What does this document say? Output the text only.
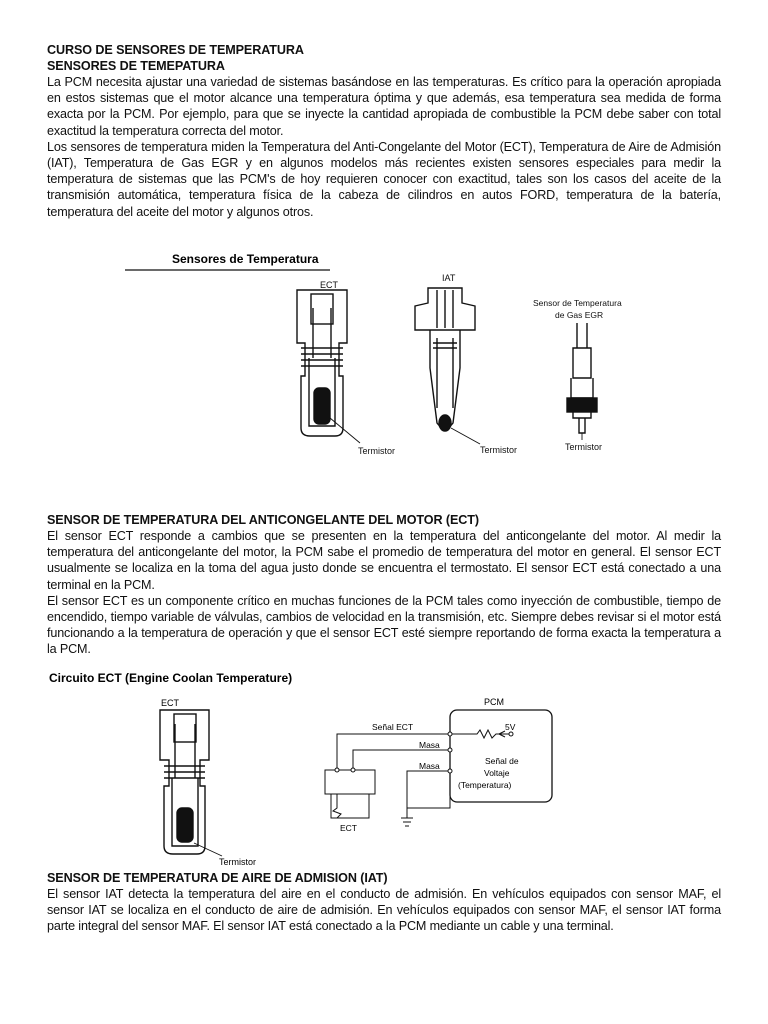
CURSO DE SENSORES DE TEMPERATURA

SENSORES DE TEMEPATURA

La PCM necesita ajustar una variedad de sistemas basándose en las temperaturas. Es crítico para la operación apropiada en estos sistemas que el motor alcance una temperatura óptima y que además, esa temperatura sea medida de forma exacta por la PCM. Por ejemplo, para que se inyecte la cantidad apropiada de combustible la PCM debe saber con total exactitud la temperatura correcta del motor.

Los sensores de temperatura miden la Temperatura del Anti-Congelante del Motor (ECT), Temperatura de Aire de Admisión (IAT), Temperatura de Gas EGR y en algunos modelos más recientes existen sensores especiales para medir la temperatura de sistemas que las PCM's de hoy requieren conocer con exactitud, tales son los casos del aceite de la transmisión automática, temperatura física de la cabeza de cilindros en autos FORD, temperatura de la batería, temperatura del aceite del motor y algunos otros.

Sensores de Temperatura
ECT
Termistor
IAT
Termistor
Sensor de Temperatura
de Gas EGR
Termistor

SENSOR DE TEMPERATURA DEL ANTICONGELANTE DEL MOTOR (ECT)

El sensor ECT responde a cambios que se presenten en la temperatura del anticongelante del motor. Al medir la temperatura del anticongelante del motor, la PCM sabe el promedio de temperatura del motor en general. El sensor ECT usualmente se localiza en la toma del agua justo donde se encuentra el termostato. El sensor ECT está conectado a una terminal en la PCM.

El sensor ECT es un componente crítico en muchas funciones de la PCM tales como inyección de combustible, tiempo de encendido, tiempo variable de válvulas, cambios de velocidad en la transmisión, etc. Siempre debes revisar si el motor está funcionando a la temperatura de operación y que el sensor ECT esté siempre reportando de forma exacta la temperatura a la PCM.

Circuito ECT (Engine Coolan Temperature)
ECT
Termistor
PCM
Señal ECT	5V
Masa
Masa	Señal de
Voltaje
(Temperatura)
ECT

SENSOR DE TEMPERATURA DE AIRE DE ADMISION (IAT)

El sensor IAT detecta la temperatura del aire en el conducto de admisión. En vehículos equipados con sensor MAF, el sensor IAT se localiza en el conducto de aire de admisión. En vehículos equipados con sensor MAF, el sensor IAT forma parte integral del sensor MAF. El sensor IAT está conectado a la PCM mediante un cable y una terminal.
